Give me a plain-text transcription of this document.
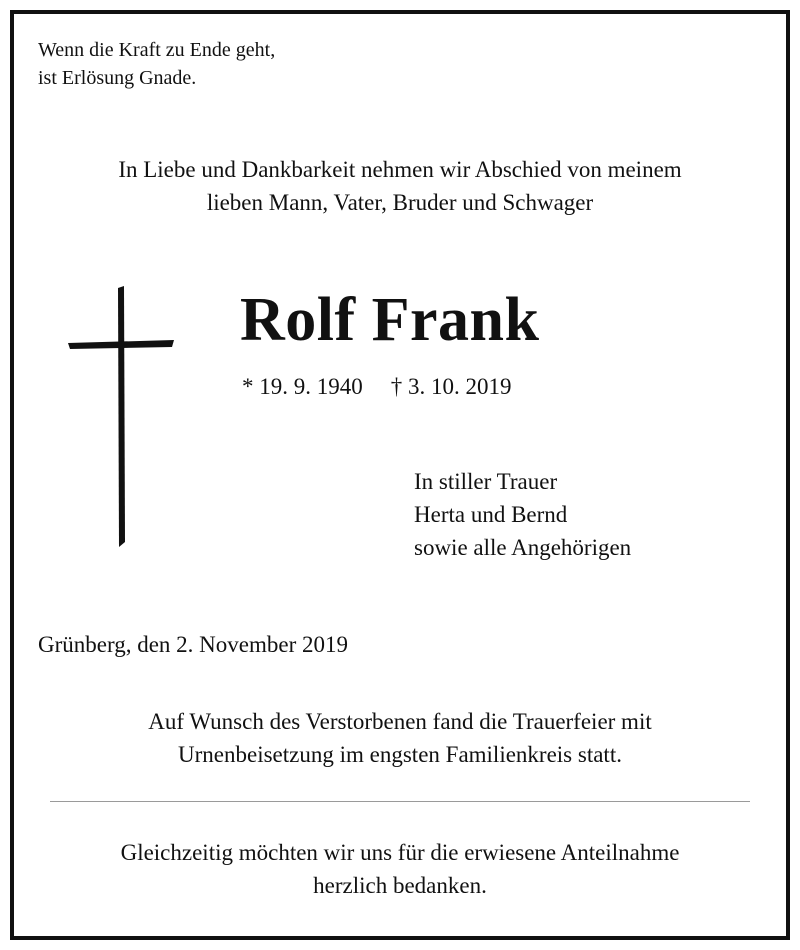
Wenn die Kraft zu Ende geht,
ist Erlösung Gnade.
In Liebe und Dankbarkeit nehmen wir Abschied von meinem
lieben Mann, Vater, Bruder und Schwager
Rolf Frank
* 19. 9. 1940 † 3. 10. 2019
In stiller Trauer
Herta und Bernd
sowie alle Angehörigen
Grünberg, den 2. November 2019
Auf Wunsch des Verstorbenen fand die Trauerfeier mit
Urnenbeisetzung im engsten Familienkreis statt.
Gleichzeitig möchten wir uns für die erwiesene Anteilnahme
herzlich bedanken.
